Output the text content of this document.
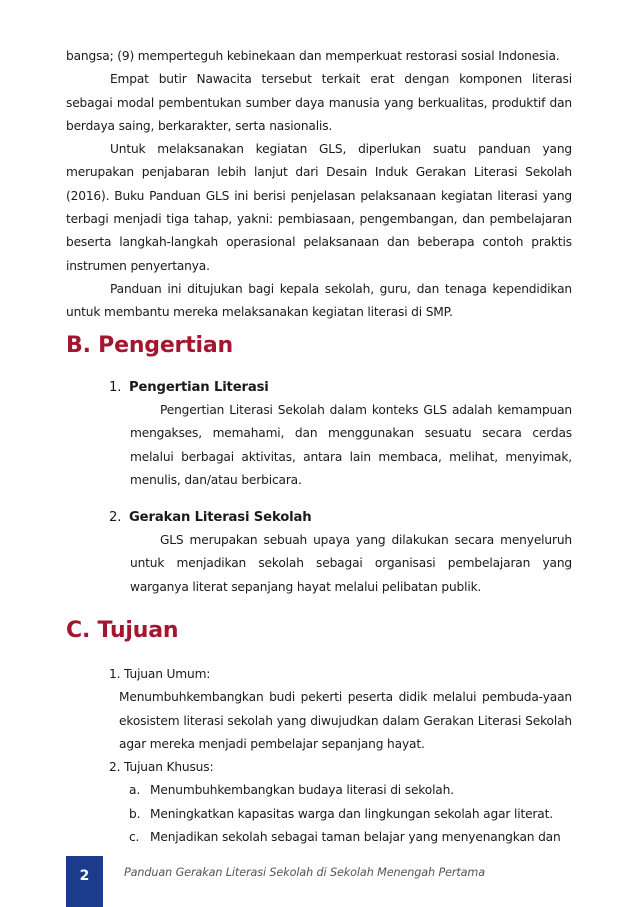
bangsa; (9) memperteguh kebinekaan dan memperkuat restorasi sosial Indonesia.

Empat butir Nawacita tersebut terkait erat dengan komponen literasi sebagai modal pembentukan sumber daya manusia yang berkualitas, produktif dan berdaya saing, berkarakter, serta nasionalis.

Untuk melaksanakan kegiatan GLS, diperlukan suatu panduan yang merupakan penjabaran lebih lanjut dari Desain Induk Gerakan Literasi Sekolah (2016). Buku Panduan GLS ini berisi penjelasan pelaksanaan kegiatan literasi yang terbagi menjadi tiga tahap, yakni: pembiasaan, pengembangan, dan pembelajaran beserta langkah-langkah operasional pelaksanaan dan beberapa contoh praktis instrumen penyertanya.

Panduan ini ditujukan bagi kepala sekolah, guru, dan tenaga kependidikan untuk membantu mereka melaksanakan kegiatan literasi di SMP.

B. Pengertian

1. Pengertian Literasi

Pengertian Literasi Sekolah dalam konteks GLS adalah kemampuan mengakses, memahami, dan menggunakan sesuatu secara cerdas melalui berbagai aktivitas, antara lain membaca, melihat, menyimak, menulis, dan/atau berbicara.

2. Gerakan Literasi Sekolah

GLS merupakan sebuah upaya yang dilakukan secara menyeluruh untuk menjadikan sekolah sebagai organisasi pembelajaran yang warganya literat sepanjang hayat melalui pelibatan publik.

C. Tujuan

1. Tujuan Umum:

Menumbuhkembangkan budi pekerti peserta didik melalui pembuda-yaan ekosistem literasi sekolah yang diwujudkan dalam Gerakan Literasi Sekolah agar mereka menjadi pembelajar sepanjang hayat.

2. Tujuan Khusus:

a. Menumbuhkembangkan budaya literasi di sekolah.
b. Meningkatkan kapasitas warga dan lingkungan sekolah agar literat.
c. Menjadikan sekolah sebagai taman belajar yang menyenangkan dan
2	Panduan Gerakan Literasi Sekolah di Sekolah Menengah Pertama
